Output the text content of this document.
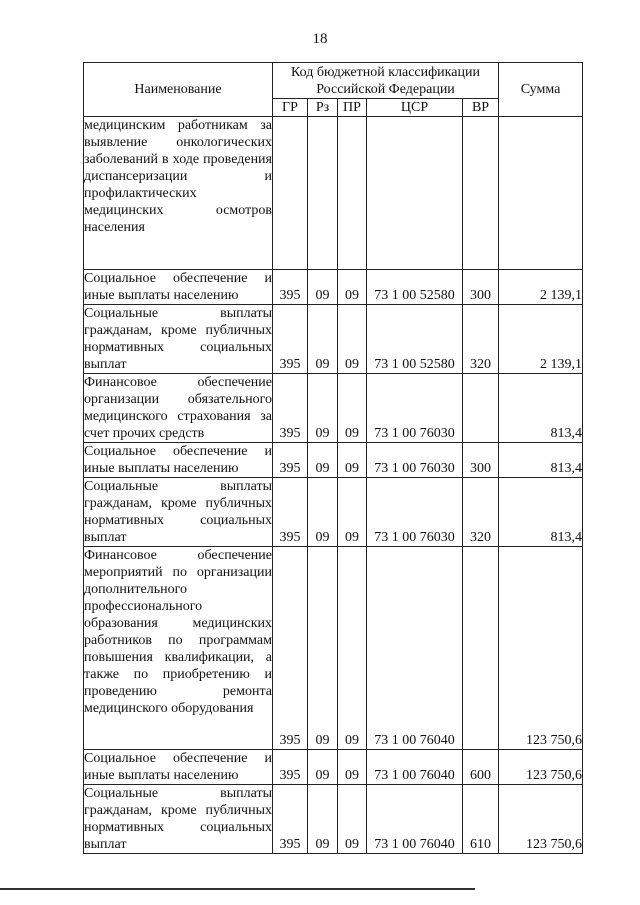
18
Наименование	Код бюджетной классификации Российской Федерации					Сумма
	ГР	Рз	ПР	ЦСР	ВР	
медицинским работникам за выявление онкологических заболеваний в ходе проведения диспансеризации и профилактических медицинских осмотров населения						
Социальное обеспечение и иные выплаты населению	395	09	09	73 1 00 52580	300	2 139,1
Социальные выплаты гражданам, кроме публичных нормативных социальных выплат	395	09	09	73 1 00 52580	320	2 139,1
Финансовое обеспечение организации обязательного медицинского страхования за счет прочих средств	395	09	09	73 1 00 76030		813,4
Социальное обеспечение и иные выплаты населению	395	09	09	73 1 00 76030	300	813,4
Социальные выплаты гражданам, кроме публичных нормативных социальных выплат	395	09	09	73 1 00 76030	320	813,4
Финансовое обеспечение мероприятий по организации дополнительного профессионального образования медицинских работников по программам повышения квалификации, а также по приобретению и проведению ремонта медицинского оборудования	395	09	09	73 1 00 76040		123 750,6
Социальное обеспечение и иные выплаты населению	395	09	09	73 1 00 76040	600	123 750,6
Социальные выплаты гражданам, кроме публичных нормативных социальных выплат	395	09	09	73 1 00 76040	610	123 750,6
